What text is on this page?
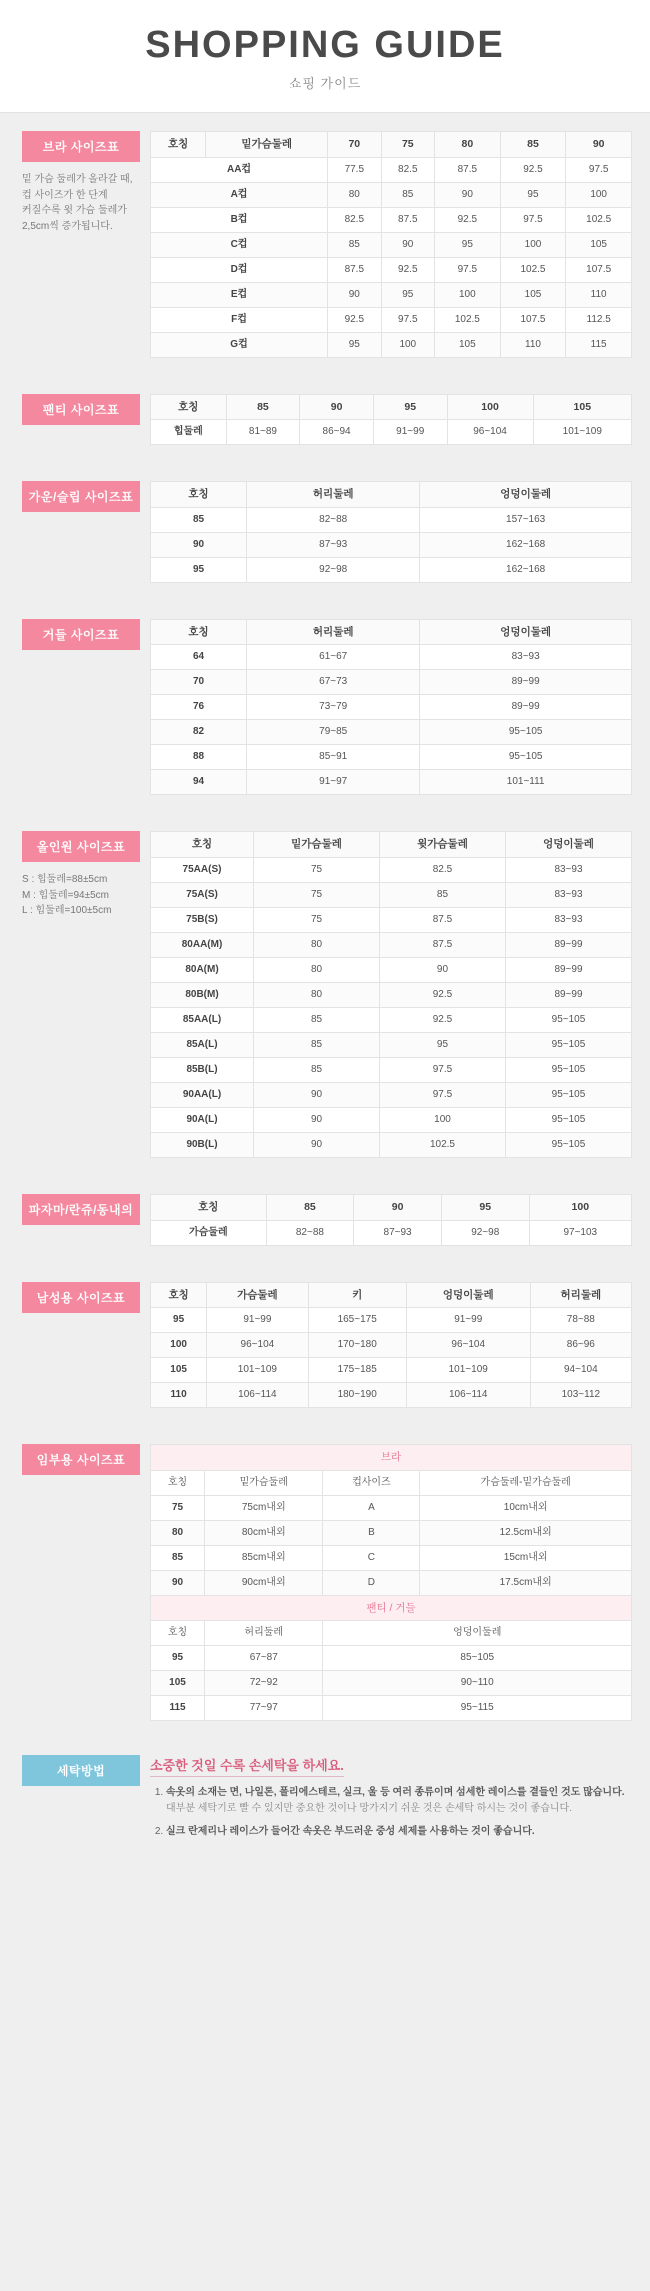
SHOPPING GUIDE
쇼핑 가이드
브라 사이즈표
밑 가슴 둘레가 올라갈 때,
컵 사이즈가 한 단계
커질수록 윗 가슴 둘레가
2,5cm씩 증가됩니다.
호칭	밑가슴둘레	70	75	80	85	90
AA컵		77.5	82.5	87.5	92.5	97.5
A컵		80	85	90	95	100
B컵		82.5	87.5	92.5	97.5	102.5
C컵		85	90	95	100	105
D컵		87.5	92.5	97.5	102.5	107.5
E컵		90	95	100	105	110
F컵		92.5	97.5	102.5	107.5	112.5
G컵		95	100	105	110	115
팬티 사이즈표	호칭	85	90	95	100	105
힙둘레	81~89	86~94	91~99	96~104	101~109
가운/슬립 사이즈표	호칭	허리둘레	엉덩이둘레
85	82~88	157~163
90	87~93	162~168
95	92~98	162~168
거들 사이즈표	호칭	허리둘레	엉덩이둘레
64	61~67	83~93
70	67~73	89~99
76	73~79	89~99
82	79~85	95~105
88	85~91	95~105
94	91~97	101~111
올인원 사이즈표
S : 힙둘레=88±5cm
M : 힙둘레=94±5cm
L : 힙둘레=100±5cm
호칭	밑가슴둘레	윗가슴둘레	엉덩이둘레
75AA(S)	75	82.5	83~93
75A(S)	75	85	83~93
75B(S)	75	87.5	83~93
80AA(M)	80	87.5	89~99
80A(M)	80	90	89~99
80B(M)	80	92.5	89~99
85AA(L)	85	92.5	95~105
85A(L)	85	95	95~105
85B(L)	85	97.5	95~105
90AA(L)	90	97.5	95~105
90A(L)	90	100	95~105
90B(L)	90	102.5	95~105
파자마/란쥬/동내의	호칭	85	90	95	100
가슴둘레	82~88	87~93	92~98	97~103
남성용 사이즈표	호칭	가슴둘레	키	엉덩이둘레	허리둘레
95	91~99	165~175	91~99	78~88
100	96~104	170~180	96~104	86~96
105	101~109	175~185	101~109	94~104
110	106~114	180~190	106~114	103~112
임부용 사이즈표	브라			
호칭	밑가슴둘레	컵사이즈	가슴둘레-밑가슴둘레
75	75cm내외	A	10cm내외
80	80cm내외	B	12.5cm내외
85	85cm내외	C	15cm내외
90	90cm내외	D	17.5cm내외
팬티 / 거들			
호칭	허리둘레	엉덩이둘레	
95	67~87	85~105	
105	72~92	90~110	
115	77~97	95~115	
세탁방법	소중한 것일 수록 손세탁을 하세요.
1. 속옷의 소재는 면, 나일론, 폴리에스테르, 실크, 울 등 여러 종류이며 섬세한 레이스를 곁들인 것도 많습니다.
대부분 세탁기로 빨 수 있지만 중요한 것이나 망가지기 쉬운 것은 손세탁 하시는 것이 좋습니다.
2. 실크 란제리나 레이스가 들어간 속옷은 부드러운 중성 세제를 사용하는 것이 좋습니다.
